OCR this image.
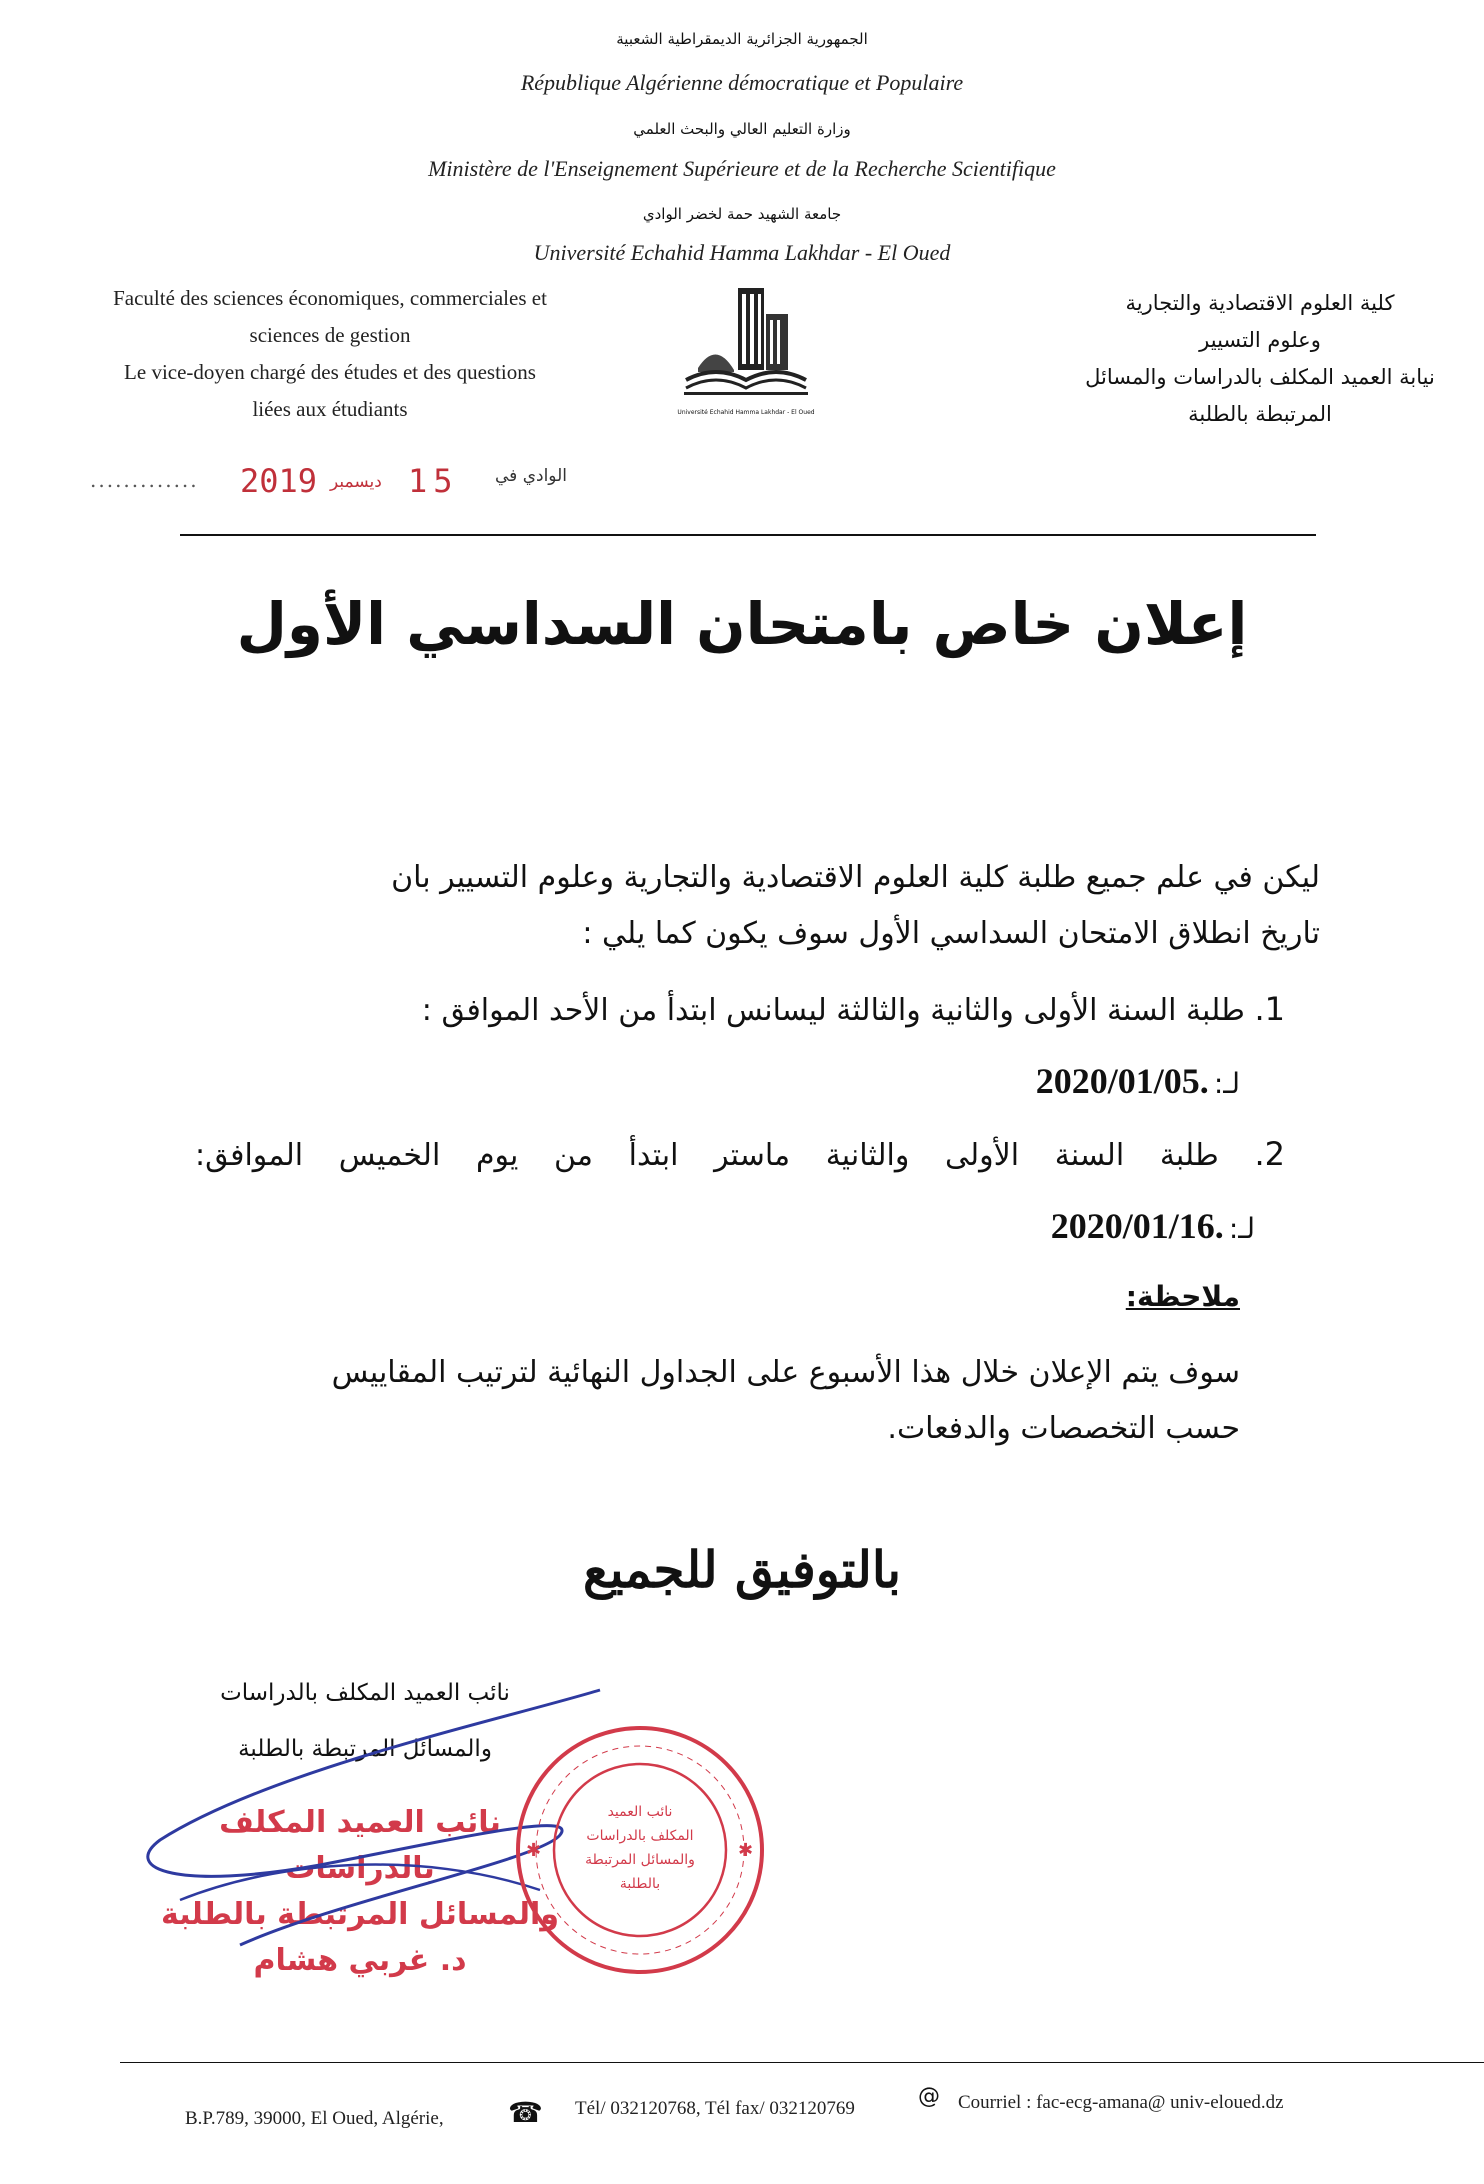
الجمهورية الجزائرية الديمقراطية الشعبية
République Algérienne démocratique et Populaire
وزارة التعليم العالي والبحث العلمي
Ministère de l'Enseignement Supérieure et de la Recherche Scientifique
جامعة الشهيد حمة لخضر الوادي
Université Echahid Hamma Lakhdar - El Oued
Faculté des sciences économiques, commerciales et
sciences de gestion
Le vice-doyen chargé des études et des questions
liées aux étudiants
كلية العلوم الاقتصادية والتجارية
وعلوم التسيير
نيابة العميد المكلف بالدراسات والمسائل
المرتبطة بالطلبة
Université Echahid Hamma Lakhdar - El Oued
............. 2019 ديسمبر 15 الوادي في
إعلان خاص بامتحان السداسي الأول
ليكن في علم جميع طلبة كلية العلوم الاقتصادية والتجارية وعلوم التسيير بان
تاريخ انطلاق الامتحان السداسي الأول سوف يكون كما يلي :
1. طلبة السنة الأولى والثانية والثالثة ليسانس ابتدأ من الأحد الموافق :
لـ: 2020/01/05.
2. طلبة السنة الأولى والثانية ماستر ابتدأ من يوم الخميس الموافق:
لـ: 2020/01/16.
ملاحظة:
سوف يتم الإعلان خلال هذا الأسبوع على الجداول النهائية لترتيب المقاييس
حسب التخصصات والدفعات.
بالتوفيق للجميع
نائب العميد المكلف بالدراسات
والمسائل المرتبطة بالطلبة
نائب العميد المكلف بالدراسات
والمسائل المرتبطة بالطلبة
د. غربي هشام
✱	✱
نائب العميد
المكلف بالدراسات
والمسائل المرتبطة
بالطلبة
B.P.789, 39000, El Oued, Algérie, ☎ Tél/ 032120768, Tél fax/ 032120769	@ Courriel : fac-ecg-amana@ univ-eloued.dz
